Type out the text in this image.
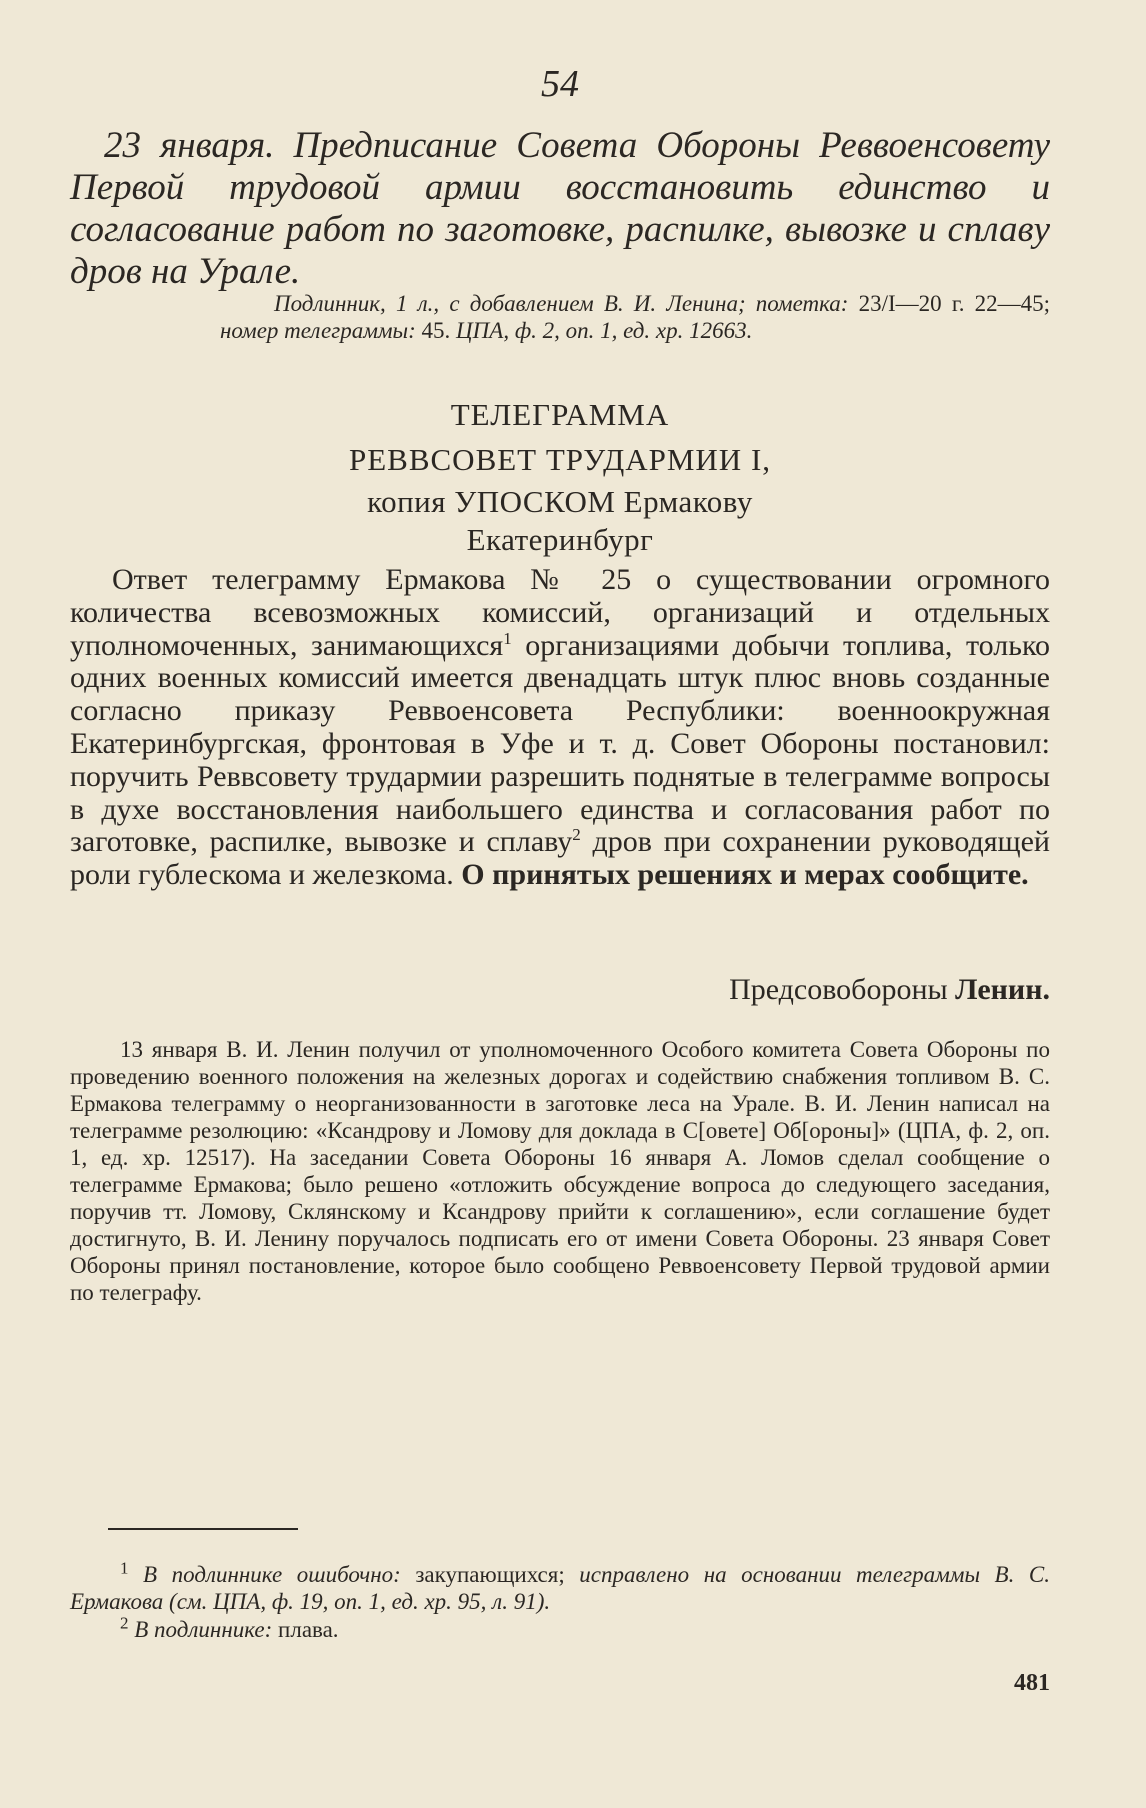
54

23 января. Предписание Совета Обороны Реввоенсовету Первой трудовой армии восстановить единство и согласование работ по заготовке, распилке, вывозке и сплаву дров на Урале.

Подлинник, 1 л., с добавлением В. И. Ленина; пометка: 23/I—20 г. 22—45; номер телеграммы: 45. ЦПА, ф. 2, оп. 1, ед. хр. 12663.

ТЕЛЕГРАММА
РЕВВСОВЕТ ТРУДАРМИИ I,
копия УПОСКОМ Ермакову
Екатеринбург

Ответ телеграмму Ермакова № 25 о существовании огромного количества всевозможных комиссий, организаций и отдельных уполномоченных, занимающихся$^1$ организациями добычи топлива, только одних военных комиссий имеется двенадцать штук плюс вновь созданные согласно приказу Реввоенсовета Республики: военноокружная Екатеринбургская, фронтовая в Уфе и т. д. Совет Обороны постановил: поручить Реввсовету трудармии разрешить поднятые в телеграмме вопросы в духе восстановления наибольшего единства и согласования работ по заготовке, распилке, вывозке и сплаву$^2$ дров при сохранении руководящей роли гублескома и железкома. О принятых решениях и мерах сообщите.

Предсовобороны Ленин.

13 января В. И. Ленин получил от уполномоченного Особого комитета Совета Обороны по проведению военного положения на железных дорогах и содействию снабжения топливом В. С. Ермакова телеграмму о неорганизованности в заготовке леса на Урале. В. И. Ленин написал на телеграмме резолюцию: «Ксандрову и Ломову для доклада в С[овете] Об[ороны]» (ЦПА, ф. 2, оп. 1, ед. хр. 12517). На заседании Совета Обороны 16 января А. Ломов сделал сообщение о телеграмме Ермакова; было решено «отложить обсуждение вопроса до следующего заседания, поручив тт. Ломову, Склянскому и Ксандрову прийти к соглашению», если соглашение будет достигнуто, В. И. Ленину поручалось подписать его от имени Совета Обороны. 23 января Совет Обороны принял постановление, которое было сообщено Реввоенсовету Первой трудовой армии по телеграфу.

$^1$ В подлиннике ошибочно: закупающихся; исправлено на основании телеграммы В. С. Ермакова (см. ЦПА, ф. 19, оп. 1, ед. хр. 95, л. 91).

$^2$ В подлиннике: плава.

481
